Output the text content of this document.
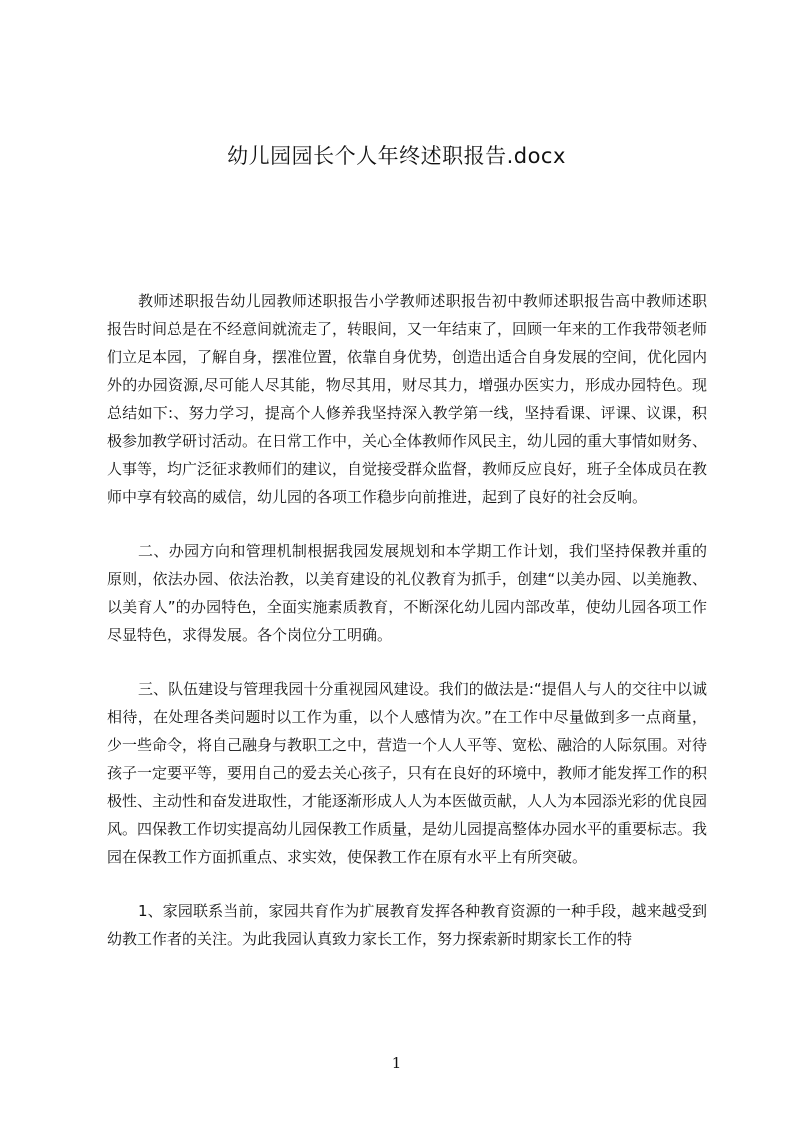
幼儿园园长个人年终述职报告.docx

教师述职报告幼儿园教师述职报告小学教师述职报告初中教师述职报告高中教师述职报告时间总是在不经意间就流走了，转眼间，又一年结束了，回顾一年来的工作我带领老师们立足本园，了解自身，摆准位置，依靠自身优势，创造出适合自身发展的空间，优化园内外的办园资源,尽可能人尽其能，物尽其用，财尽其力，增强办医实力，形成办园特色。现总结如下:、努力学习，提高个人修养我坚持深入教学第一线，坚持看课、评课、议课，积极参加教学研讨活动。在日常工作中，关心全体教师作风民主，幼儿园的重大事情如财务、人事等，均广泛征求教师们的建议，自觉接受群众监督，教师反应良好，班子全体成员在教师中享有较高的威信，幼儿园的各项工作稳步向前推进，起到了良好的社会反响。

二、办园方向和管理机制根据我园发展规划和本学期工作计划，我们坚持保教并重的原则，依法办园、依法治教，以美育建设的礼仪教育为抓手，创建“以美办园、以美施教、以美育人”的办园特色，全面实施素质教育，不断深化幼儿园内部改革，使幼儿园各项工作尽显特色，求得发展。各个岗位分工明确。

三、队伍建设与管理我园十分重视园风建设。我们的做法是:“提倡人与人的交往中以诚相待，在处理各类问题时以工作为重，以个人感情为次。”在工作中尽量做到多一点商量，少一些命令，将自己融身与教职工之中，营造一个人人平等、宽松、融洽的人际氛围。对待孩子一定要平等，要用自己的爱去关心孩子，只有在良好的环境中，教师才能发挥工作的积极性、主动性和奋发进取性，才能逐渐形成人人为本医做贡献，人人为本园添光彩的优良园风。四保教工作切实提高幼儿园保教工作质量，是幼儿园提高整体办园水平的重要标志。我园在保教工作方面抓重点、求实效，使保教工作在原有水平上有所突破。

1、家园联系当前，家园共育作为扩展教育发挥各种教育资源的一种手段，越来越受到幼教工作者的关注。为此我园认真致力家长工作，努力探索新时期家长工作的特

1
